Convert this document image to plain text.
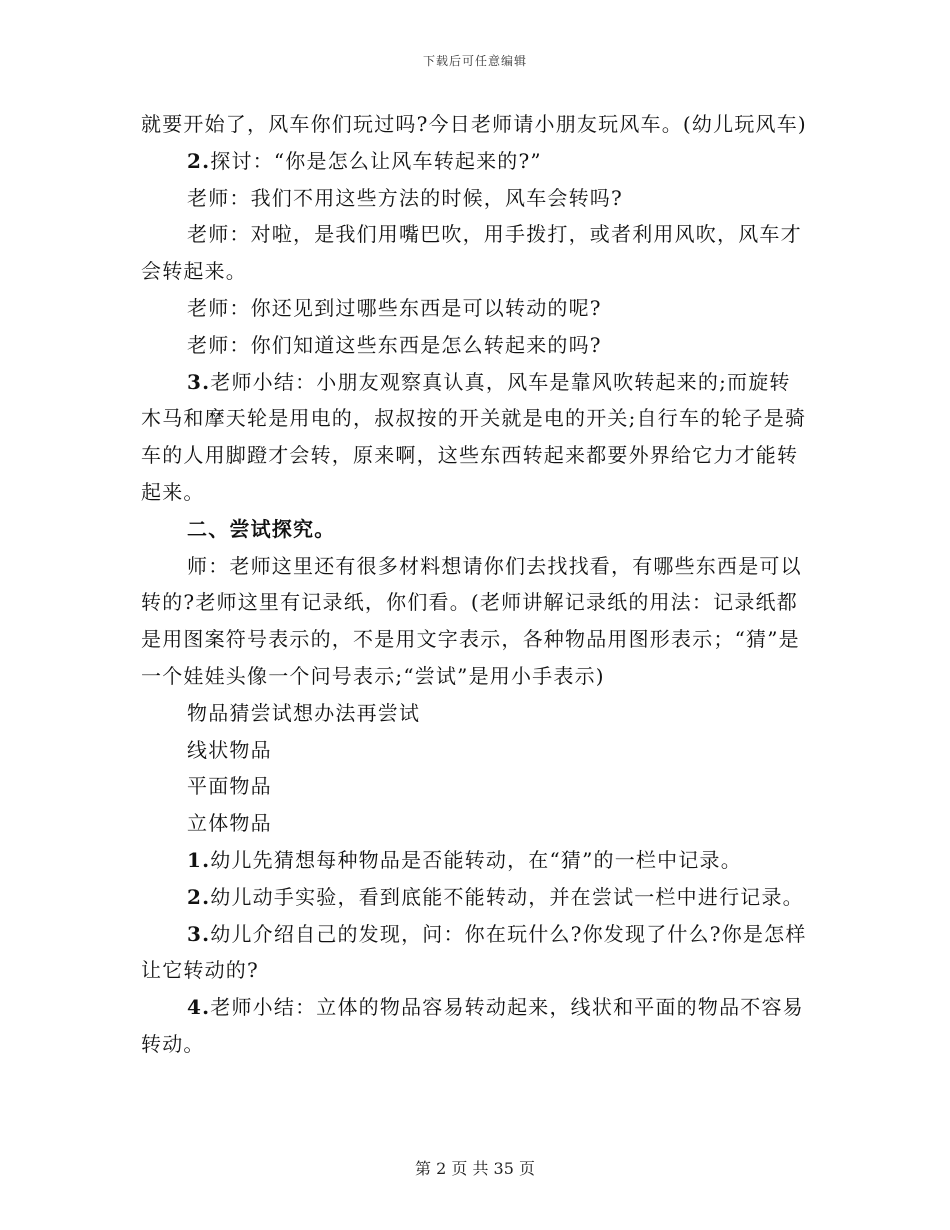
下载后可任意编辑

就要开始了，风车你们玩过吗?今日老师请小朋友玩风车。(幼儿玩风车)

2.探讨：“你是怎么让风车转起来的?”

老师：我们不用这些方法的时候，风车会转吗?

老师：对啦，是我们用嘴巴吹，用手拨打，或者利用风吹，风车才会转起来。

老师：你还见到过哪些东西是可以转动的呢?

老师：你们知道这些东西是怎么转起来的吗?

3.老师小结：小朋友观察真认真，风车是靠风吹转起来的;而旋转木马和摩天轮是用电的，叔叔按的开关就是电的开关;自行车的轮子是骑车的人用脚蹬才会转，原来啊，这些东西转起来都要外界给它力才能转起来。

二、尝试探究。

师：老师这里还有很多材料想请你们去找找看，有哪些东西是可以转的?老师这里有记录纸，你们看。(老师讲解记录纸的用法：记录纸都是用图案符号表示的，不是用文字表示，各种物品用图形表示；“猜”是一个娃娃头像一个问号表示;“尝试”是用小手表示)

物品猜尝试想办法再尝试

线状物品

平面物品

立体物品

1.幼儿先猜想每种物品是否能转动，在“猜”的一栏中记录。

2.幼儿动手实验，看到底能不能转动，并在尝试一栏中进行记录。

3.幼儿介绍自己的发现，问：你在玩什么?你发现了什么?你是怎样让它转动的?

4.老师小结：立体的物品容易转动起来，线状和平面的物品不容易转动。

第 2 页 共 35 页
